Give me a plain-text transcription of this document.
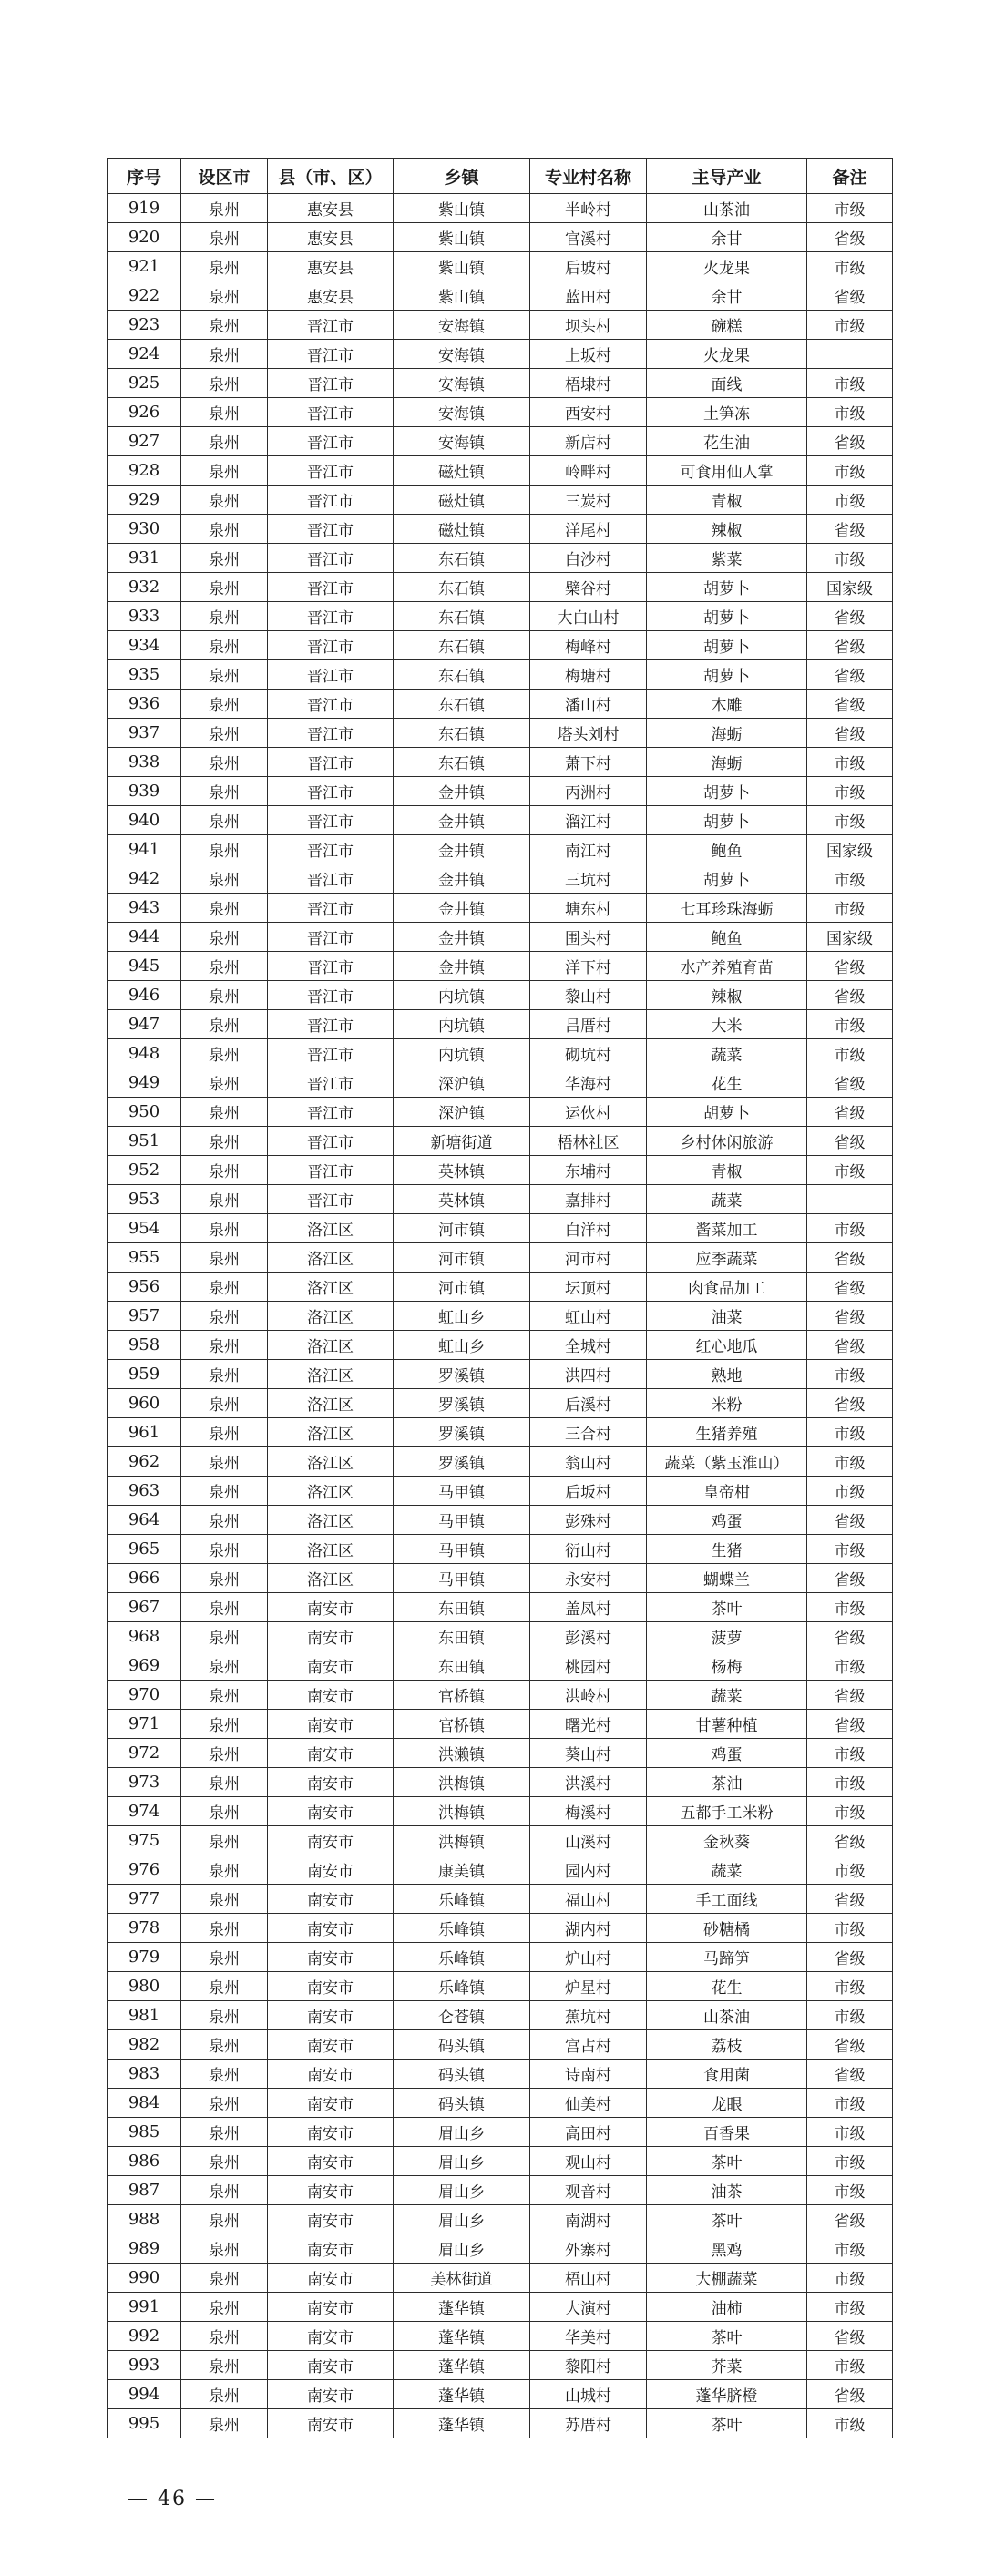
序号	设区市	县（市、区）	乡镇	专业村名称	主导产业	备注
919	泉州	惠安县	紫山镇	半岭村	山茶油	市级
920	泉州	惠安县	紫山镇	官溪村	余甘	省级
921	泉州	惠安县	紫山镇	后坡村	火龙果	市级
922	泉州	惠安县	紫山镇	蓝田村	余甘	省级
923	泉州	晋江市	安海镇	坝头村	碗糕	市级
924	泉州	晋江市	安海镇	上坂村	火龙果	
925	泉州	晋江市	安海镇	梧埭村	面线	市级
926	泉州	晋江市	安海镇	西安村	土笋冻	市级
927	泉州	晋江市	安海镇	新店村	花生油	省级
928	泉州	晋江市	磁灶镇	岭畔村	可食用仙人掌	市级
929	泉州	晋江市	磁灶镇	三炭村	青椒	市级
930	泉州	晋江市	磁灶镇	洋尾村	辣椒	省级
931	泉州	晋江市	东石镇	白沙村	紫菜	市级
932	泉州	晋江市	东石镇	檗谷村	胡萝卜	国家级
933	泉州	晋江市	东石镇	大白山村	胡萝卜	省级
934	泉州	晋江市	东石镇	梅峰村	胡萝卜	省级
935	泉州	晋江市	东石镇	梅塘村	胡萝卜	省级
936	泉州	晋江市	东石镇	潘山村	木雕	省级
937	泉州	晋江市	东石镇	塔头刘村	海蛎	省级
938	泉州	晋江市	东石镇	萧下村	海蛎	市级
939	泉州	晋江市	金井镇	丙洲村	胡萝卜	市级
940	泉州	晋江市	金井镇	溜江村	胡萝卜	市级
941	泉州	晋江市	金井镇	南江村	鲍鱼	国家级
942	泉州	晋江市	金井镇	三坑村	胡萝卜	市级
943	泉州	晋江市	金井镇	塘东村	七耳珍珠海蛎	市级
944	泉州	晋江市	金井镇	围头村	鲍鱼	国家级
945	泉州	晋江市	金井镇	洋下村	水产养殖育苗	省级
946	泉州	晋江市	内坑镇	黎山村	辣椒	省级
947	泉州	晋江市	内坑镇	吕厝村	大米	市级
948	泉州	晋江市	内坑镇	砌坑村	蔬菜	市级
949	泉州	晋江市	深沪镇	华海村	花生	省级
950	泉州	晋江市	深沪镇	运伙村	胡萝卜	省级
951	泉州	晋江市	新塘街道	梧林社区	乡村休闲旅游	省级
952	泉州	晋江市	英林镇	东埔村	青椒	市级
953	泉州	晋江市	英林镇	嘉排村	蔬菜	
954	泉州	洛江区	河市镇	白洋村	酱菜加工	市级
955	泉州	洛江区	河市镇	河市村	应季蔬菜	省级
956	泉州	洛江区	河市镇	坛顶村	肉食品加工	省级
957	泉州	洛江区	虹山乡	虹山村	油菜	省级
958	泉州	洛江区	虹山乡	全城村	红心地瓜	省级
959	泉州	洛江区	罗溪镇	洪四村	熟地	市级
960	泉州	洛江区	罗溪镇	后溪村	米粉	省级
961	泉州	洛江区	罗溪镇	三合村	生猪养殖	市级
962	泉州	洛江区	罗溪镇	翁山村	蔬菜（紫玉淮山）	市级
963	泉州	洛江区	马甲镇	后坂村	皇帝柑	市级
964	泉州	洛江区	马甲镇	彭殊村	鸡蛋	省级
965	泉州	洛江区	马甲镇	衍山村	生猪	市级
966	泉州	洛江区	马甲镇	永安村	蝴蝶兰	省级
967	泉州	南安市	东田镇	盖凤村	茶叶	市级
968	泉州	南安市	东田镇	彭溪村	菠萝	省级
969	泉州	南安市	东田镇	桃园村	杨梅	市级
970	泉州	南安市	官桥镇	洪岭村	蔬菜	省级
971	泉州	南安市	官桥镇	曙光村	甘薯种植	省级
972	泉州	南安市	洪濑镇	葵山村	鸡蛋	市级
973	泉州	南安市	洪梅镇	洪溪村	茶油	市级
974	泉州	南安市	洪梅镇	梅溪村	五都手工米粉	市级
975	泉州	南安市	洪梅镇	山溪村	金秋葵	省级
976	泉州	南安市	康美镇	园内村	蔬菜	市级
977	泉州	南安市	乐峰镇	福山村	手工面线	省级
978	泉州	南安市	乐峰镇	湖内村	砂糖橘	市级
979	泉州	南安市	乐峰镇	炉山村	马蹄笋	省级
980	泉州	南安市	乐峰镇	炉星村	花生	市级
981	泉州	南安市	仑苍镇	蕉坑村	山茶油	市级
982	泉州	南安市	码头镇	宫占村	荔枝	省级
983	泉州	南安市	码头镇	诗南村	食用菌	省级
984	泉州	南安市	码头镇	仙美村	龙眼	市级
985	泉州	南安市	眉山乡	高田村	百香果	市级
986	泉州	南安市	眉山乡	观山村	茶叶	市级
987	泉州	南安市	眉山乡	观音村	油茶	市级
988	泉州	南安市	眉山乡	南湖村	茶叶	省级
989	泉州	南安市	眉山乡	外寨村	黑鸡	市级
990	泉州	南安市	美林街道	梧山村	大棚蔬菜	市级
991	泉州	南安市	蓬华镇	大演村	油柿	市级
992	泉州	南安市	蓬华镇	华美村	茶叶	省级
993	泉州	南安市	蓬华镇	黎阳村	芥菜	市级
994	泉州	南安市	蓬华镇	山城村	蓬华脐橙	省级
995	泉州	南安市	蓬华镇	苏厝村	茶叶	市级
— 46 —
